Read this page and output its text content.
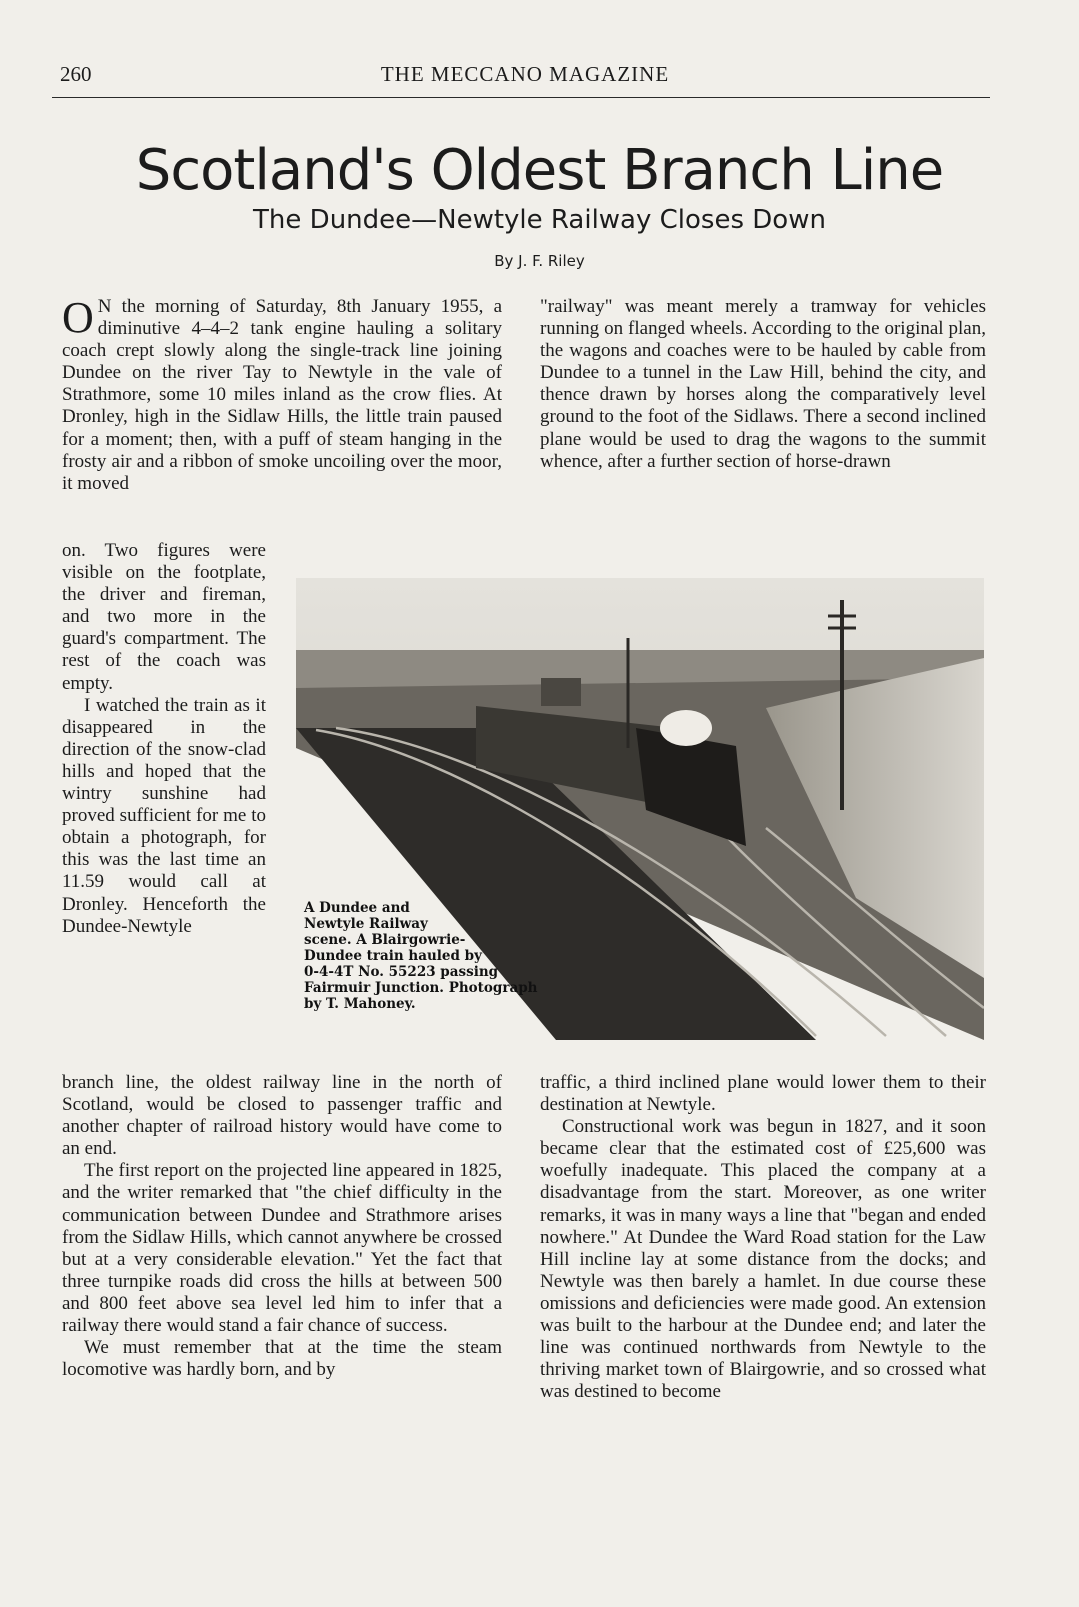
260	THE MECCANO MAGAZINE
Scotland's Oldest Branch Line
The Dundee—Newtyle Railway Closes Down
By J. F. Riley

O N the morning of Saturday, 8th January 1955, a diminutive 4–4–2 tank engine hauling a solitary coach crept slowly along the single-track line joining Dundee on the river Tay to Newtyle in the vale of Strathmore, some 10 miles inland as the crow flies. At Dronley, high in the Sidlaw Hills, the little train paused for a moment; then, with a puff of steam hanging in the frosty air and a ribbon of smoke uncoiling over the moor, it moved

on. Two figures were visible on the footplate, the driver and fireman, and two more in the guard's compartment. The rest of the coach was empty.

I watched the train as it disappeared in the direction of the snow-clad hills and hoped that the wintry sunshine had proved sufficient for me to obtain a photograph, for this was the last time an 11.59 would call at Dronley. Henceforth the Dundee-Newtyle

A Dundee and
Newtyle Railway
scene. A Blairgowrie-
Dundee train hauled by
0-4-4T No. 55223 passing
Fairmuir Junction. Photograph
by T. Mahoney.

branch line, the oldest railway line in the north of Scotland, would be closed to passenger traffic and another chapter of railroad history would have come to an end.

The first report on the projected line appeared in 1825, and the writer remarked that "the chief difficulty in the communication between Dundee and Strathmore arises from the Sidlaw Hills, which cannot anywhere be crossed but at a very considerable elevation." Yet the fact that three turnpike roads did cross the hills at between 500 and 800 feet above sea level led him to infer that a railway there would stand a fair chance of success.

We must remember that at the time the steam locomotive was hardly born, and by

"railway" was meant merely a tramway for vehicles running on flanged wheels. According to the original plan, the wagons and coaches were to be hauled by cable from Dundee to a tunnel in the Law Hill, behind the city, and thence drawn by horses along the comparatively level ground to the foot of the Sidlaws. There a second inclined plane would be used to drag the wagons to the summit whence, after a further section of horse-drawn

traffic, a third inclined plane would lower them to their destination at Newtyle.

Constructional work was begun in 1827, and it soon became clear that the estimated cost of £25,600 was woefully inadequate. This placed the company at a disadvantage from the start. Moreover, as one writer remarks, it was in many ways a line that "began and ended nowhere." At Dundee the Ward Road station for the Law Hill incline lay at some distance from the docks; and Newtyle was then barely a hamlet. In due course these omissions and deficiencies were made good. An extension was built to the harbour at the Dundee end; and later the line was continued northwards from Newtyle to the thriving market town of Blairgowrie, and so crossed what was destined to become
